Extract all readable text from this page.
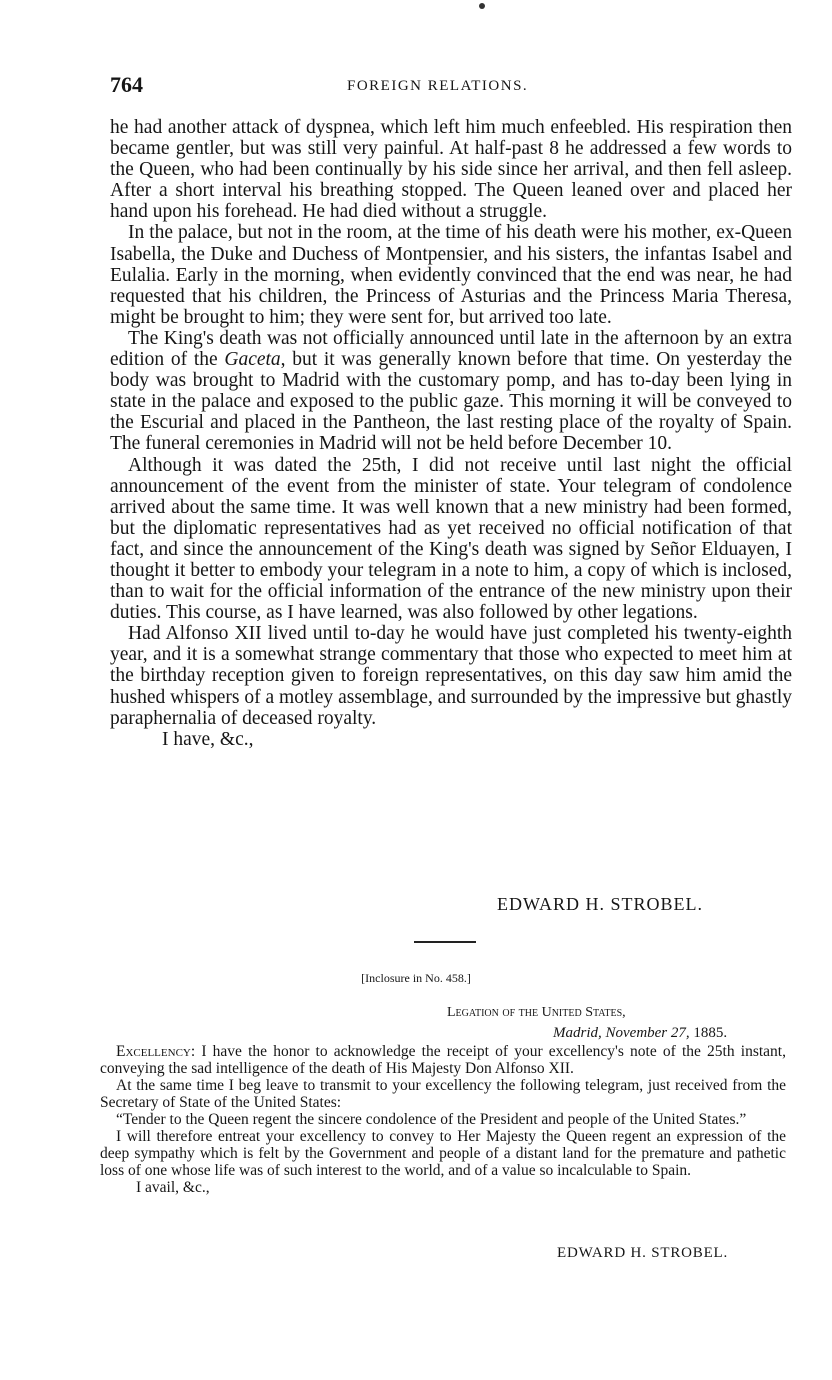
764	FOREIGN RELATIONS.

he had another attack of dyspnea, which left him much enfeebled. His respiration then became gentler, but was still very painful. At half-past 8 he addressed a few words to the Queen, who had been continually by his side since her arrival, and then fell asleep. After a short interval his breathing stopped. The Queen leaned over and placed her hand upon his forehead. He had died without a struggle.

In the palace, but not in the room, at the time of his death were his mother, ex-Queen Isabella, the Duke and Duchess of Montpensier, and his sisters, the infantas Isabel and Eulalia. Early in the morning, when evidently convinced that the end was near, he had requested that his children, the Princess of Asturias and the Princess Maria Theresa, might be brought to him; they were sent for, but arrived too late.

The King's death was not officially announced until late in the afternoon by an extra edition of the Gaceta, but it was generally known before that time. On yesterday the body was brought to Madrid with the customary pomp, and has to-day been lying in state in the palace and exposed to the public gaze. This morning it will be conveyed to the Escurial and placed in the Pantheon, the last resting place of the royalty of Spain. The funeral ceremonies in Madrid will not be held before December 10.

Although it was dated the 25th, I did not receive until last night the official announcement of the event from the minister of state. Your telegram of condolence arrived about the same time. It was well known that a new ministry had been formed, but the diplomatic representatives had as yet received no official notification of that fact, and since the announcement of the King's death was signed by Señor Elduayen, I thought it better to embody your telegram in a note to him, a copy of which is inclosed, than to wait for the official information of the entrance of the new ministry upon their duties. This course, as I have learned, was also followed by other legations.

Had Alfonso XII lived until to-day he would have just completed his twenty-eighth year, and it is a somewhat strange commentary that those who expected to meet him at the birthday reception given to foreign representatives, on this day saw him amid the hushed whispers of a motley assemblage, and surrounded by the impressive but ghastly paraphernalia of deceased royalty.

I have, &c.,

EDWARD H. STROBEL.
[Inclosure in No. 458.]
Legation of the United States,
Madrid, November 27, 1885.

Excellency: I have the honor to acknowledge the receipt of your excellency's note of the 25th instant, conveying the sad intelligence of the death of His Majesty Don Alfonso XII.

At the same time I beg leave to transmit to your excellency the following telegram, just received from the Secretary of State of the United States:

“Tender to the Queen regent the sincere condolence of the President and people of the United States.”

I will therefore entreat your excellency to convey to Her Majesty the Queen regent an expression of the deep sympathy which is felt by the Government and people of a distant land for the premature and pathetic loss of one whose life was of such interest to the world, and of a value so incalculable to Spain.

I avail, &c.,

EDWARD H. STROBEL.
